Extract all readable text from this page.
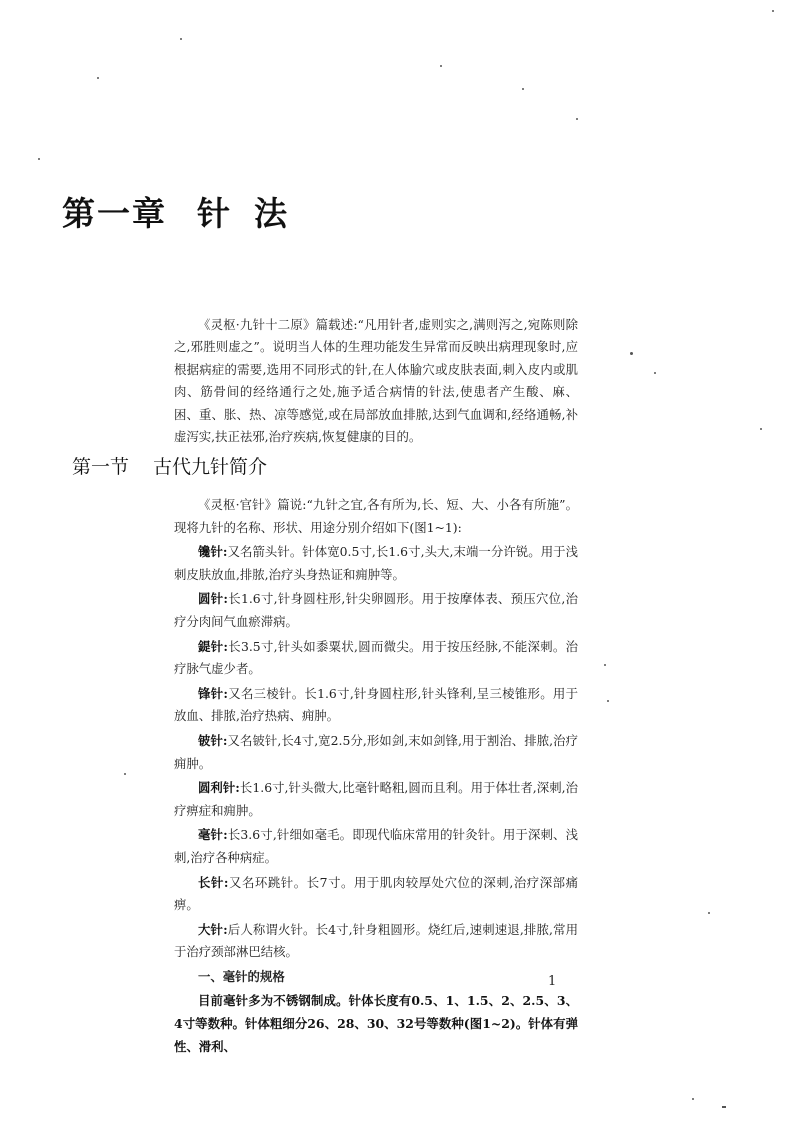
第一章 针 法

《灵枢·九针十二原》篇载述:“凡用针者,虚则实之,满则泻之,宛陈则除之,邪胜则虚之”。说明当人体的生理功能发生异常而反映出病理现象时,应根据病症的需要,选用不同形式的针,在人体腧穴或皮肤表面,刺入皮内或肌肉、筋骨间的经络通行之处,施予适合病情的针法,使患者产生酸、麻、困、重、胀、热、凉等感觉,或在局部放血排脓,达到气血调和,经络通畅,补虚泻实,扶正祛邪,治疗疾病,恢复健康的目的。

第一节 古代九针简介

《灵枢·官针》篇说:“九针之宜,各有所为,长、短、大、小各有所施”。现将九针的名称、形状、用途分别介绍如下(图1~1):

镵针:又名箭头针。针体宽0.5寸,长1.6寸,头大,末端一分许锐。用于浅刺皮肤放血,排脓,治疗头身热证和痈肿等。

圆针:长1.6寸,针身圆柱形,针尖卵圆形。用于按摩体表、预压穴位,治疗分肉间气血瘀滞病。

鍉针:长3.5寸,针头如黍粟状,圆而微尖。用于按压经脉,不能深刺。治疗脉气虚少者。

锋针:又名三棱针。长1.6寸,针身圆柱形,针头锋利,呈三棱锥形。用于放血、排脓,治疗热病、痈肿。

铍针:又名铍针,长4寸,宽2.5分,形如剑,末如剑锋,用于割治、排脓,治疗痈肿。

圆利针:长1.6寸,针头微大,比毫针略粗,圆而且利。用于体壮者,深刺,治疗痹症和痈肿。

毫针:长3.6寸,针细如毫毛。即现代临床常用的针灸针。用于深刺、浅刺,治疗各种病症。

长针:又名环跳针。长7寸。用于肌肉较厚处穴位的深刺,治疗深部痛痹。

大针:后人称谓火针。长4寸,针身粗圆形。烧红后,速刺速退,排脓,常用于治疗颈部淋巴结核。

一、毫针的规格

目前毫针多为不锈钢制成。针体长度有0.5、1、1.5、2、2.5、3、4寸等数种。针体粗细分26、28、30、32号等数种(图1~2)。针体有弹性、滑利、

1
